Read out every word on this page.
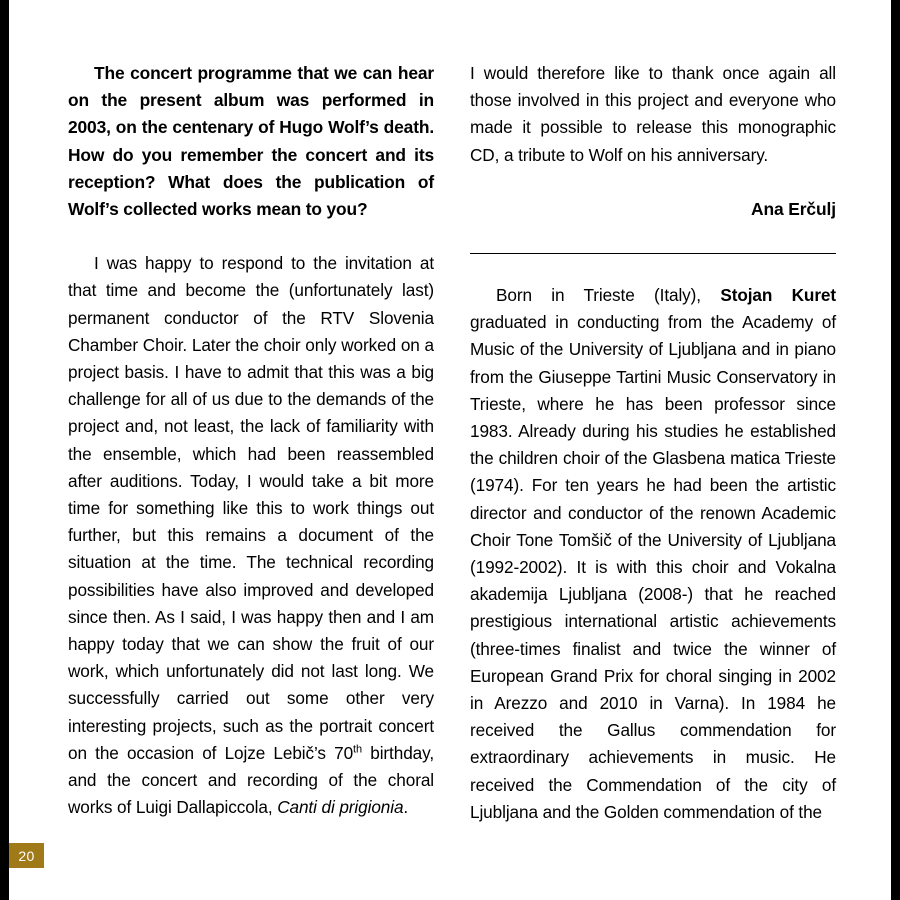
The concert programme that we can hear on the present album was performed in 2003, on the centenary of Hugo Wolf’s death. How do you remember the concert and its reception? What does the publication of Wolf’s collected works mean to you?

I was happy to respond to the invitation at that time and become the (unfortunately last) permanent conductor of the RTV Slovenia Chamber Choir. Later the choir only worked on a project basis. I have to admit that this was a big challenge for all of us due to the demands of the project and, not least, the lack of familiarity with the ensemble, which had been reassembled after auditions. Today, I would take a bit more time for something like this to work things out further, but this remains a document of the situation at the time. The technical recording possibilities have also improved and developed since then. As I said, I was happy then and I am happy today that we can show the fruit of our work, which unfortunately did not last long. We successfully carried out some other very interesting projects, such as the portrait concert on the occasion of Lojze Lebič’s 70th birthday, and the concert and recording of the choral works of Luigi Dallapiccola, Canti di prigionia.

I would therefore like to thank once again all those involved in this project and everyone who made it possible to release this monographic CD, a tribute to Wolf on his anniversary.

Ana Erčulj

Born in Trieste (Italy), Stojan Kuret graduated in conducting from the Academy of Music of the University of Ljubljana and in piano from the Giuseppe Tartini Music Conservatory in Trieste, where he has been professor since 1983. Already during his studies he established the children choir of the Glasbena matica Trieste (1974). For ten years he had been the artistic director and conductor of the renown Academic Choir Tone Tomšič of the University of Ljubljana (1992-2002). It is with this choir and Vokalna akademija Ljubljana (2008-) that he reached prestigious international artistic achievements (three-times finalist and twice the winner of European Grand Prix for choral singing in 2002 in Arezzo and 2010 in Varna). In 1984 he received the Gallus commendation for extraordinary achievements in music. He received the Commendation of the city of Ljubljana and the Golden commendation of the

20
